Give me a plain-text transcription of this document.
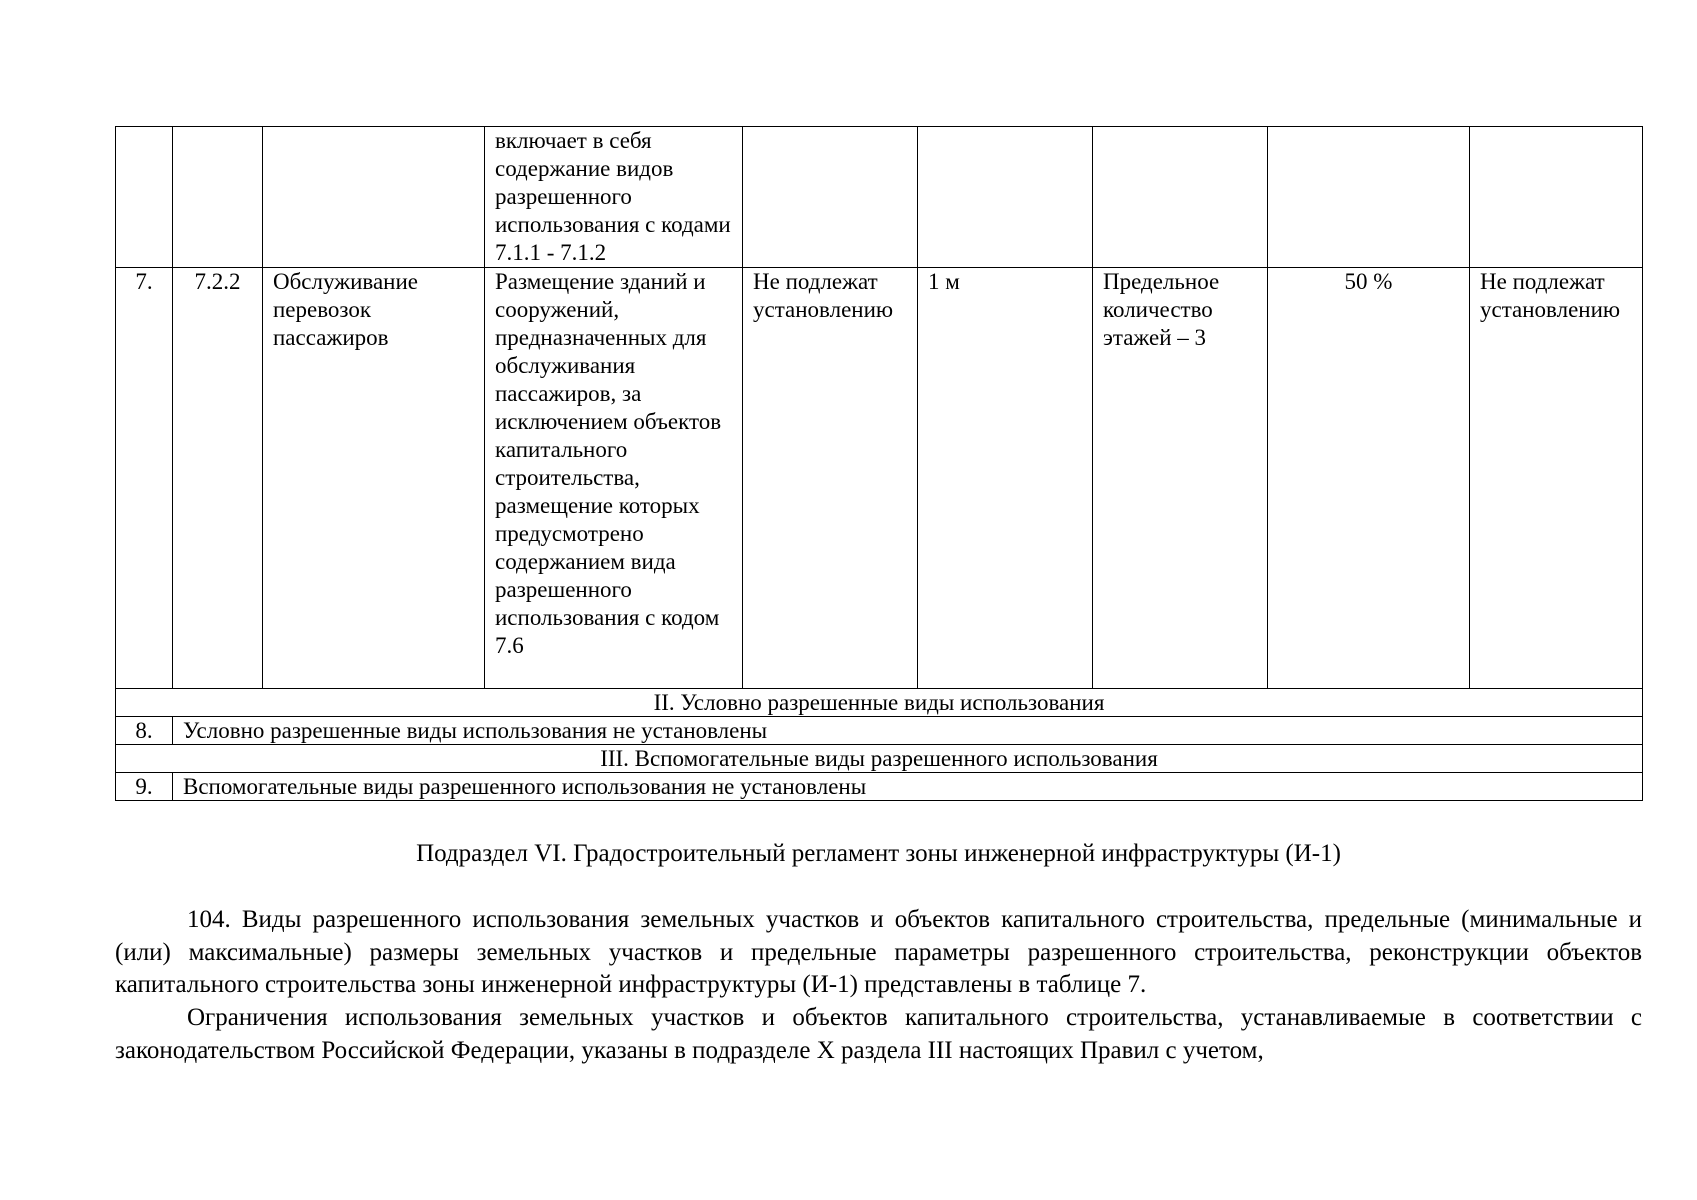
			включает в себя содержание видов разрешенного использования с кодами 7.1.1 - 7.1.2					
7.	7.2.2	Обслуживание перевозок пассажиров	Размещение зданий и сооружений, предназначенных для обслуживания пассажиров, за исключением объектов капитального строительства, размещение которых предусмотрено содержанием вида разрешенного использования с кодом 7.6	Не подлежат установлению	1 м	Предельное количество этажей – 3	50 %	Не подлежат установлению
II. Условно разрешенные виды использования								
8.	Условно разрешенные виды использования не установлены							
III. Вспомогательные виды разрешенного использования								
9.	Вспомогательные виды разрешенного использования не установлены							
Подраздел VI. Градостроительный регламент зоны инженерной инфраструктуры (И-1)

104. Виды разрешенного использования земельных участков и объектов капитального строительства, предельные (минимальные и (или) максимальные) размеры земельных участков и предельные параметры разрешенного строительства, реконструкции объектов капитального строительства зоны инженерной инфраструктуры (И-1) представлены в таблице 7.

Ограничения использования земельных участков и объектов капитального строительства, устанавливаемые в соответствии с законодательством Российской Федерации, указаны в подразделе X раздела III настоящих Правил с учетом,
